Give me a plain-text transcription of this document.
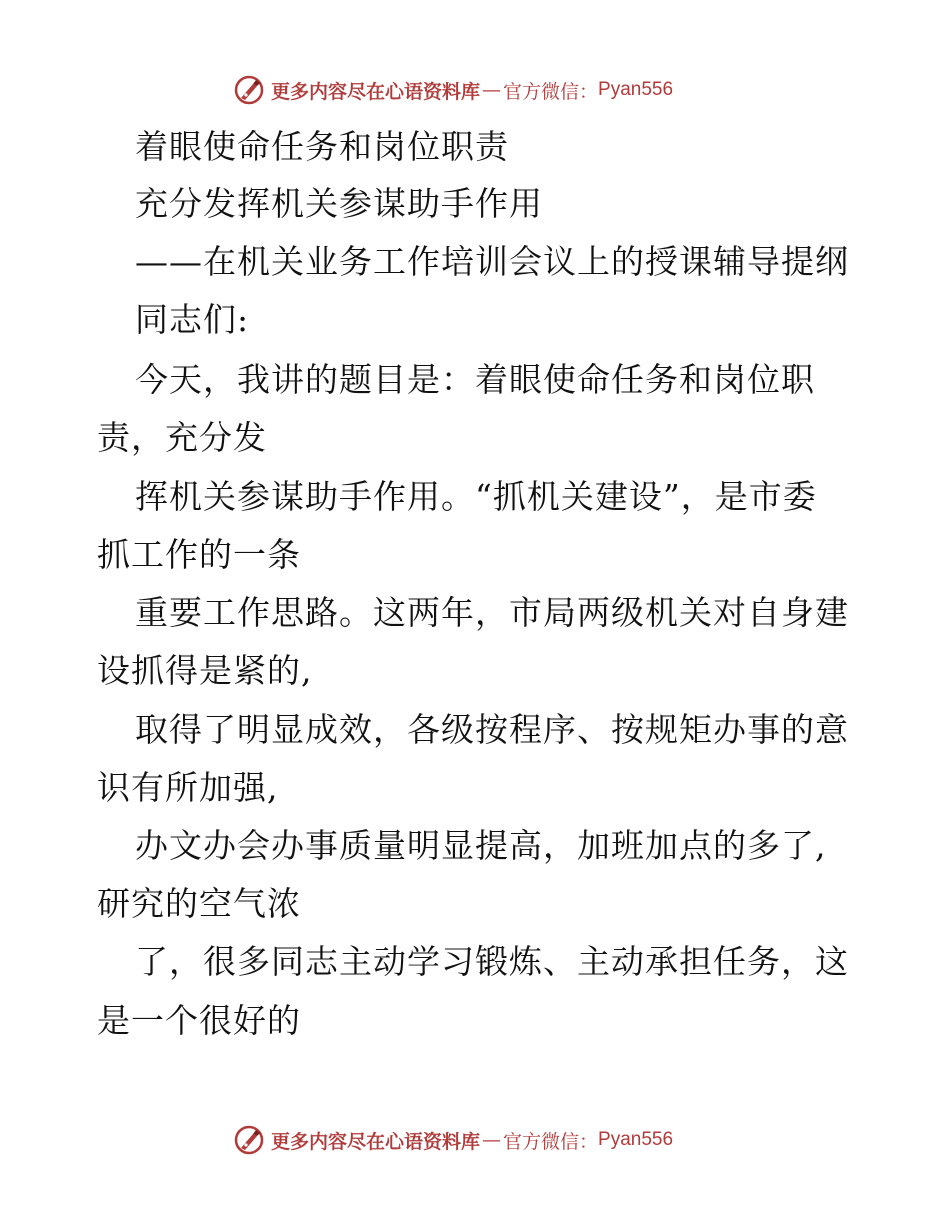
更多内容尽在心语资料库 — 官方微信： Pyan556
着眼使命任务和岗位职责
充分发挥机关参谋助手作用
——在机关业务工作培训会议上的授课辅导提纲
同志们:
今天，我讲的题目是：着眼使命任务和岗位职
责，充分发
挥机关参谋助手作用。“抓机关建设”，是市委
抓工作的一条
重要工作思路。这两年，市局两级机关对自身建
设抓得是紧的,
取得了明显成效，各级按程序、按规矩办事的意
识有所加强,
办文办会办事质量明显提高，加班加点的多了,
研究的空气浓
了，很多同志主动学习锻炼、主动承担任务，这
是一个很好的
更多内容尽在心语资料库 — 官方微信： Pyan556
